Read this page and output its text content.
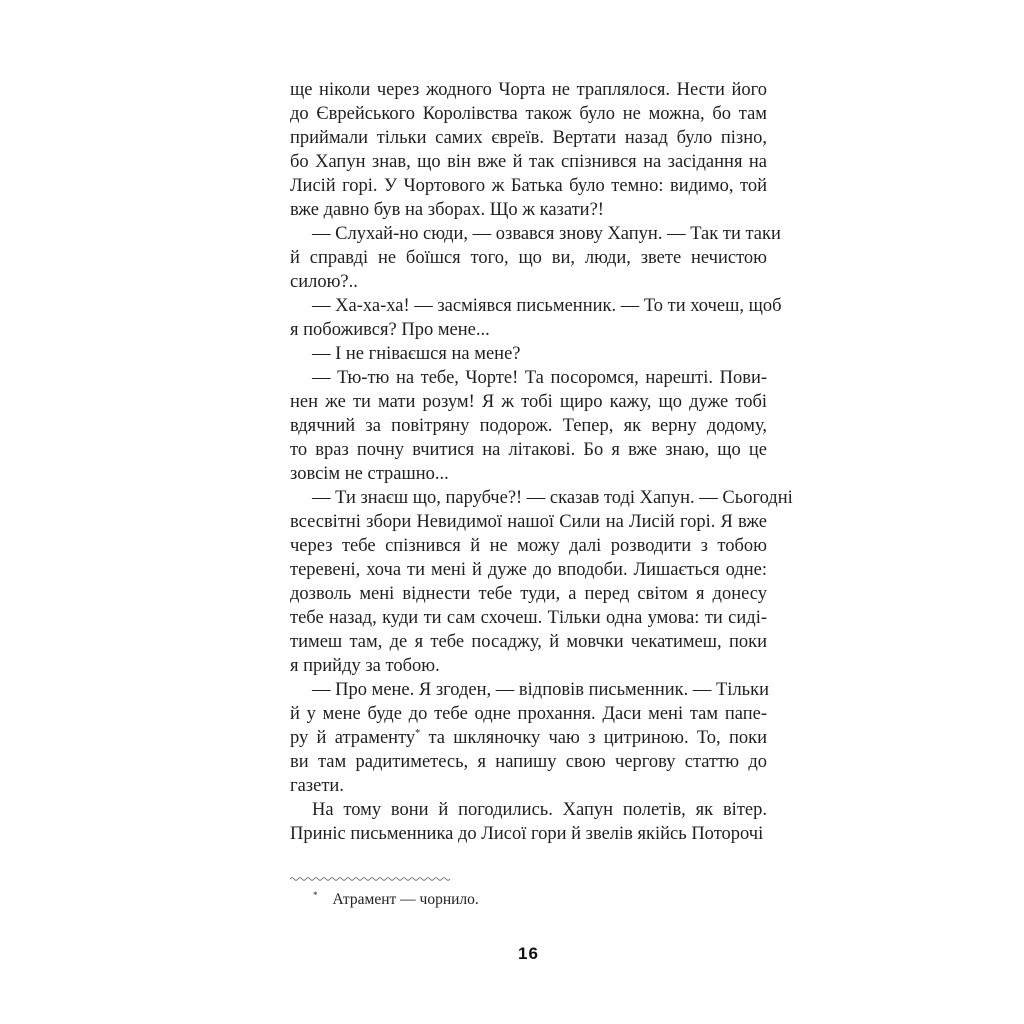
ще ніколи через жодного Чорта не траплялося. Нести його
до Єврейського Королівства також було не можна, бо там
приймали тільки самих євреїв. Вертати назад було пізно,
бо Хапун знав, що він вже й так спізнився на засідання на
Лисій горі. У Чортового ж Батька було темно: видимо, той
вже давно був на зборах. Що ж казати?!
— Слухай-но сюди, — озвався знову Хапун. — Так ти таки
й справді не боїшся того, що ви, люди, звете нечистою
силою?..
— Ха-ха-ха! — засміявся письменник. — То ти хочеш, щоб
я побожився? Про мене...
— І не гніваєшся на мене?
— Тю-тю на тебе, Чорте! Та посоромся, нарешті. Пови-
нен же ти мати розум! Я ж тобі щиро кажу, що дуже тобі
вдячний за повітряну подорож. Тепер, як верну додому,
то враз почну вчитися на літакові. Бо я вже знаю, що це
зовсім не страшно...
— Ти знаєш що, парубче?! — сказав тоді Хапун. — Сьогодні
всесвітні збори Невидимої нашої Сили на Лисій горі. Я вже
через тебе спізнився й не можу далі розводити з тобою
теревені, хоча ти мені й дуже до вподоби. Лишається одне:
дозволь мені віднести тебе туди, а перед світом я донесу
тебе назад, куди ти сам схочеш. Тільки одна умова: ти сиді-
тимеш там, де я тебе посаджу, й мовчки чекатимеш, поки
я прийду за тобою.
— Про мене. Я згоден, — відповів письменник. — Тільки
й у мене буде до тебе одне прохання. Даси мені там папе-
ру й атраменту* та шкляночку чаю з цитриною. То, поки
ви там радитиметесь, я напишу свою чергову статтю до
газети.
На тому вони й погодились. Хапун полетів, як вітер.
Приніс письменника до Лисої гори й звелів якійсь Поторочі
* Атрамент — чорнило.
16
